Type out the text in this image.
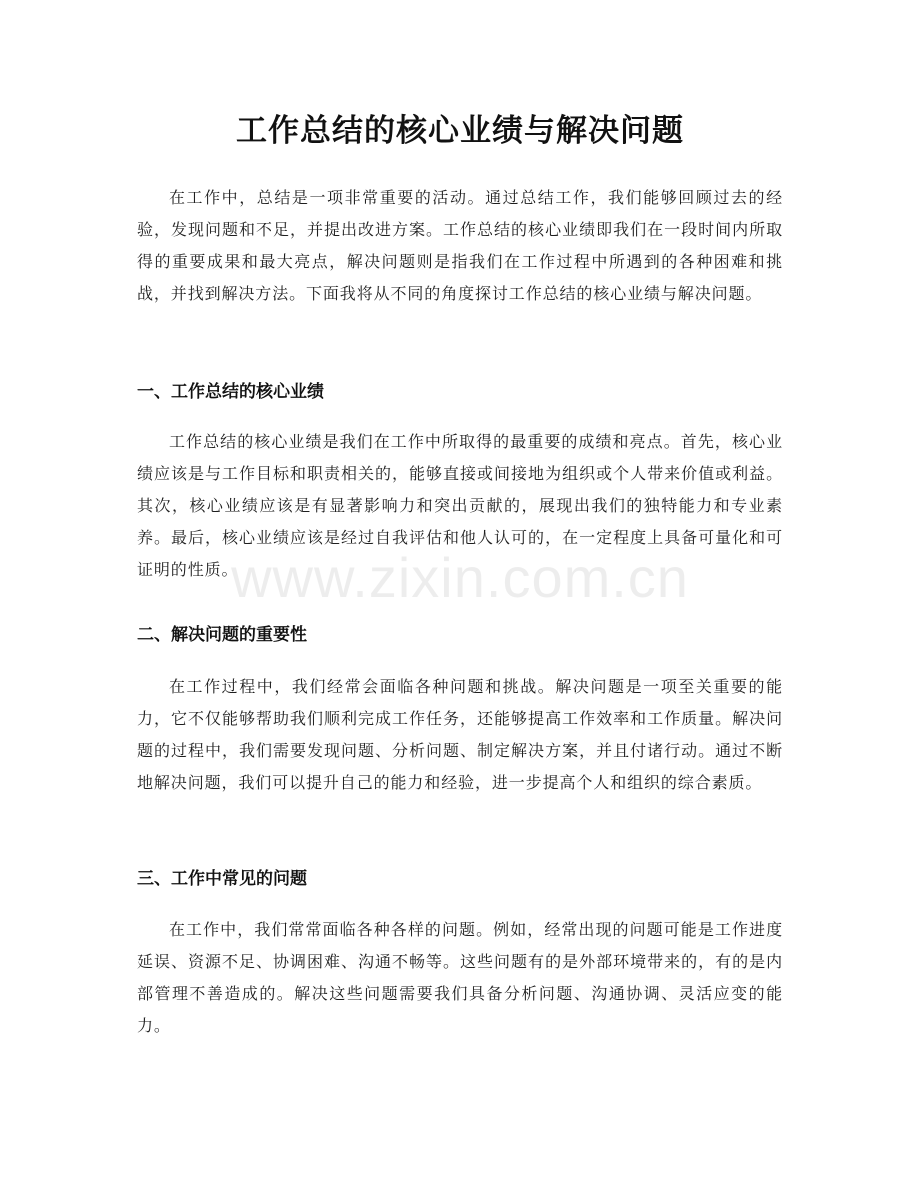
工作总结的核心业绩与解决问题

在工作中，总结是一项非常重要的活动。通过总结工作，我们能够回顾过去的经验，发现问题和不足，并提出改进方案。工作总结的核心业绩即我们在一段时间内所取得的重要成果和最大亮点，解决问题则是指我们在工作过程中所遇到的各种困难和挑战，并找到解决方法。下面我将从不同的角度探讨工作总结的核心业绩与解决问题。

一、工作总结的核心业绩

工作总结的核心业绩是我们在工作中所取得的最重要的成绩和亮点。首先，核心业绩应该是与工作目标和职责相关的，能够直接或间接地为组织或个人带来价值或利益。其次，核心业绩应该是有显著影响力和突出贡献的，展现出我们的独特能力和专业素养。最后，核心业绩应该是经过自我评估和他人认可的，在一定程度上具备可量化和可证明的性质。

二、解决问题的重要性

在工作过程中，我们经常会面临各种问题和挑战。解决问题是一项至关重要的能力，它不仅能够帮助我们顺利完成工作任务，还能够提高工作效率和工作质量。解决问题的过程中，我们需要发现问题、分析问题、制定解决方案，并且付诸行动。通过不断地解决问题，我们可以提升自己的能力和经验，进一步提高个人和组织的综合素质。

三、工作中常见的问题

在工作中，我们常常面临各种各样的问题。例如，经常出现的问题可能是工作进度延误、资源不足、协调困难、沟通不畅等。这些问题有的是外部环境带来的，有的是内部管理不善造成的。解决这些问题需要我们具备分析问题、沟通协调、灵活应变的能力。

www.zixin.com.cn
